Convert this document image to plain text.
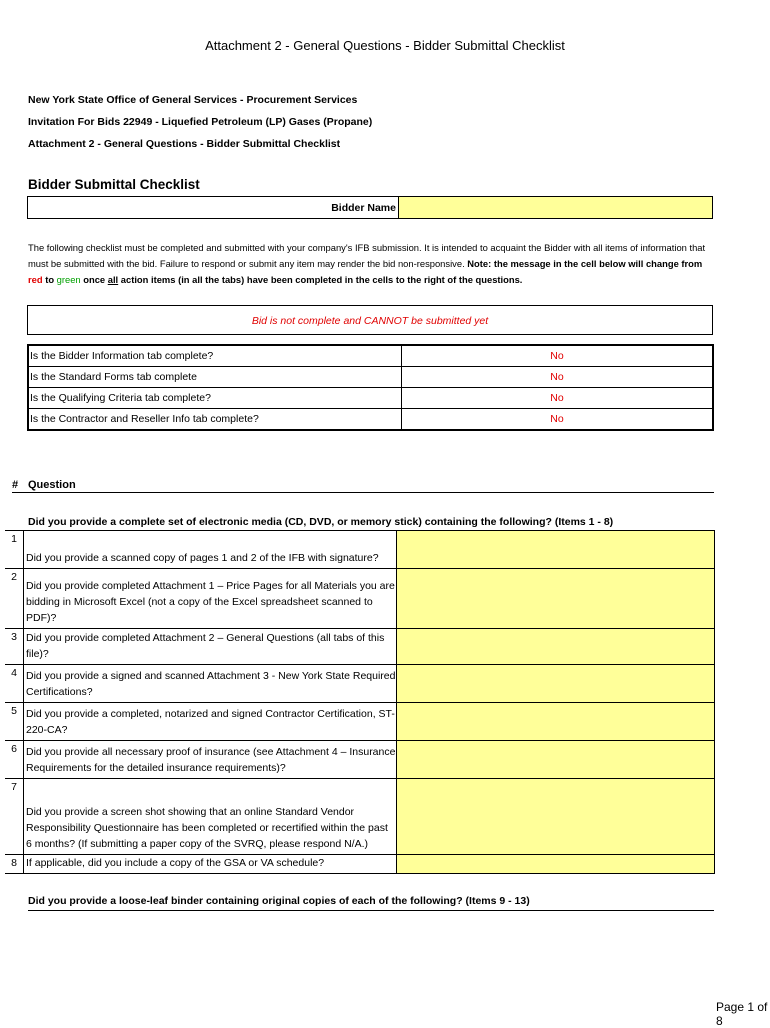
Attachment 2 - General Questions - Bidder Submittal Checklist
New York State Office of General Services - Procurement Services
Invitation For Bids 22949 - Liquefied Petroleum (LP) Gases (Propane)
Attachment 2 - General Questions - Bidder Submittal Checklist
Bidder Submittal Checklist
Bidder Name
The following checklist must be completed and submitted with your company's IFB submission. It is intended to acquaint the Bidder with all items of information that must be submitted with the bid. Failure to respond or submit any item may render the bid non-responsive. Note: the message in the cell below will change from red to green once all action items (in all the tabs) have been completed in the cells to the right of the questions.
Bid is not complete and CANNOT be submitted yet
Is the Bidder Information tab complete?	No
Is the Standard Forms tab complete	No
Is the Qualifying Criteria tab complete?	No
Is the Contractor and Reseller Info tab complete?	No
# Question
Did you provide a complete set of electronic media (CD, DVD, or memory stick) containing the following? (Items 1 - 8)
1	Did you provide a scanned copy of pages 1 and 2 of the IFB with signature?	
2	Did you provide completed Attachment 1 – Price Pages for all Materials you are bidding in Microsoft Excel (not a copy of the Excel spreadsheet scanned to PDF)?	
3	Did you provide completed Attachment 2 – General Questions (all tabs of this file)?	
4	Did you provide a signed and scanned Attachment 3 - New York State Required Certifications?	
5	Did you provide a completed, notarized and signed Contractor Certification, ST-220-CA?	
6	Did you provide all necessary proof of insurance (see Attachment 4 – Insurance Requirements for the detailed insurance requirements)?	
7	Did you provide a screen shot showing that an online Standard Vendor Responsibility Questionnaire has been completed or recertified within the past 6 months? (If submitting a paper copy of the SVRQ, please respond N/A.)	
8	If applicable, did you include a copy of the GSA or VA schedule?	
Did you provide a loose-leaf binder containing original copies of each of the following? (Items 9 - 13)
Page 1 of 8
